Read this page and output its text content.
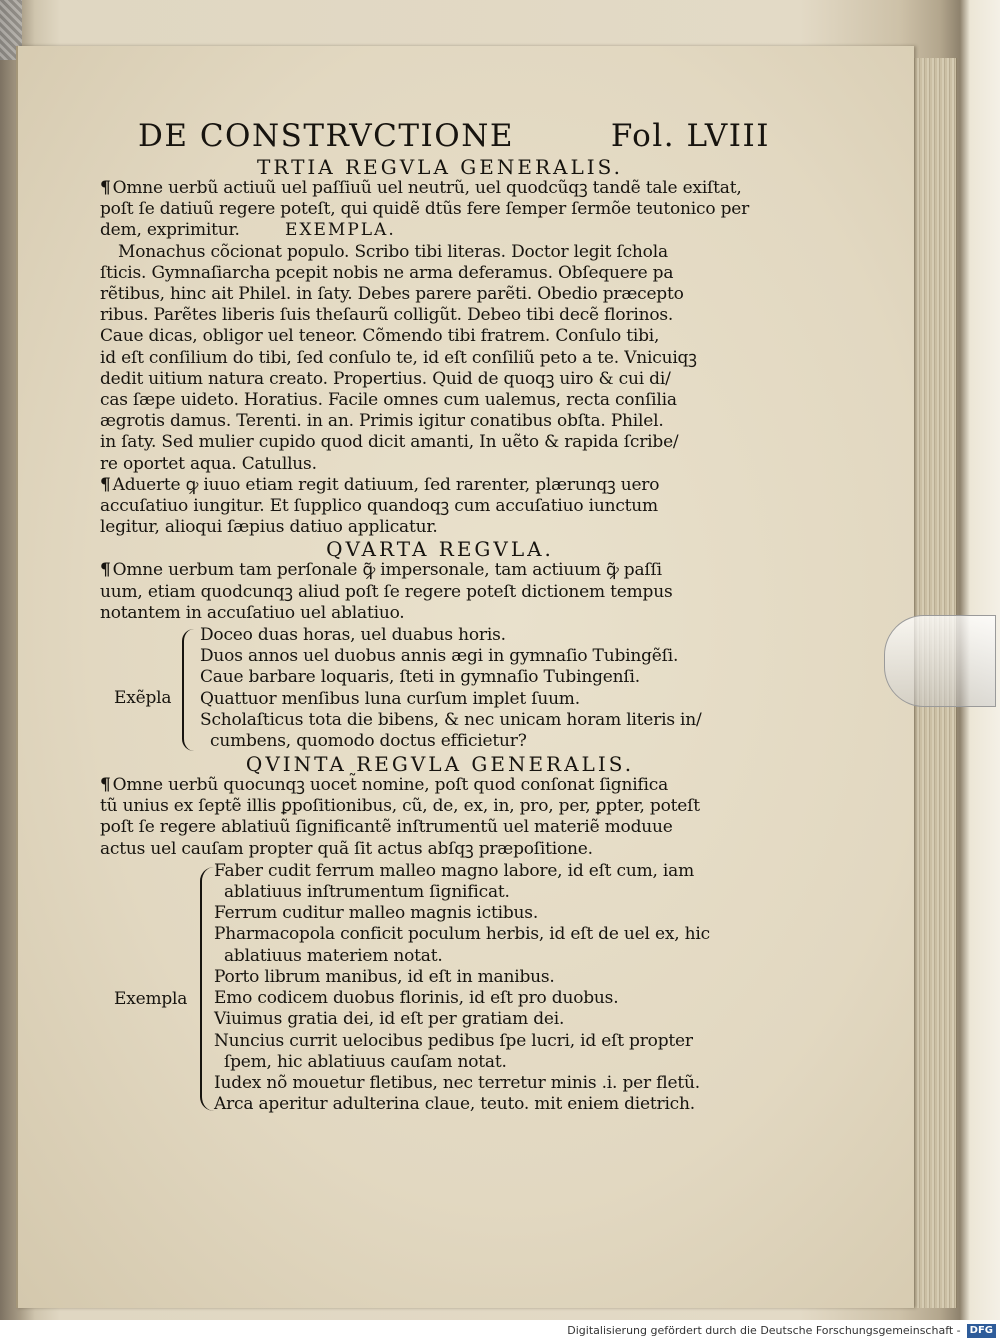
DE CONSTRVCTIONE	Fol. LVIII
TRTIA REGVLA GENERALIS.

¶ Omne uerbũ actiuũ uel paſſiuũ uel neutrũ, uel quodcũqꝫ tandẽ tale exiſtat, poſt ſe datiuũ regere poteſt, qui quidẽ dtũs fere ſemper ſermõe teutonico per dem, exprimitur.	EXEMPLA.

Monachus cõcionat populo. Scribo tibi literas. Doctor legit ſchola

ſticis. Gymnaſiarcha pcepit nobis ne arma deferamus. Obſequere pa

rẽtibus, hinc ait Philel. in ſaty. Debes parere parẽti. Obedio præcepto

ribus. Parẽtes liberis ſuis theſaurũ colligũt. Debeo tibi decẽ florinos.

Caue dicas, obligor uel teneor. Cõmendo tibi fratrem. Conſulo tibi,

id eſt conſilium do tibi, ſed conſulo te, id eſt conſiliũ peto a te. Vnicuiqꝫ

dedit uitium natura creato. Propertius. Quid de quoqꝫ uiro & cui di/

cas ſæpe uideto. Horatius. Facile omnes cum ualemus, recta conſilia

ægrotis damus. Terenti. in an. Primis igitur conatibus obſta. Philel.

in ſaty. Sed mulier cupido quod dicit amanti, In uẽto & rapida ſcribe/

re oportet aqua. Catullus.

¶ Aduerte ꝙ iuuo etiam regit datiuum, ſed rarenter, plærunqꝫ uero

accuſatiuo iungitur. Et ſupplico quandoqꝫ cum accuſatiuo iunctum

legitur, alioqui ſæpius datiuo applicatur.

QVARTA REGVLA.

¶ Omne uerbum tam perſonale ꝙ̃ impersonale, tam actiuum ꝙ̃ paſſi

uum, etiam quodcunqꝫ aliud poſt ſe regere poteſt dictionem tempus

notantem in accuſatiuo uel ablatiuo.

Exẽpla

Doceo duas horas, uel duabus horis.

Duos annos uel duobus annis ægi in gymnaſio Tubingẽſi.

Caue barbare loquaris, ſteti in gymnaſio Tubingenſi.

Quattuor menſibus luna curſum implet ſuum.

Scholaſticus tota die bibens, & nec unicam horam literis in/

cumbens, quomodo doctus efficietur?

QVINTA REGVLA GENERALIS.

¶ Omne uerbũ quocunqꝫ uocet̃ nomine, poſt quod conſonat ſignifica

tũ unius ex ſeptẽ illis ꝑpoſitionibus, cũ, de, ex, in, pro, per, ꝑpter, poteſt

poſt ſe regere ablatiuũ ſignificantẽ inſtrumentũ uel materiẽ moduue

actus uel cauſam propter quã ſit actus abſqꝫ præpoſitione.

Exempla

Faber cudit ferrum malleo magno labore, id eſt cum, iam

ablatiuus inſtrumentum ſignificat.

Ferrum cuditur malleo magnis ictibus.

Pharmacopola conficit poculum herbis, id eſt de uel ex, hic

ablatiuus materiem notat.

Porto librum manibus, id eſt in manibus.

Emo codicem duobus florinis, id eſt pro duobus.

Viuimus gratia dei, id eſt per gratiam dei.

Nuncius currit uelocibus pedibus ſpe lucri, id eſt propter

ſpem, hic ablatiuus cauſam notat.

Iudex nõ mouetur fletibus, nec terretur minis .i. per fletũ.

Arca aperitur adulterina claue, teuto. mit eniem dietrich.

Digitalisierung gefördert durch die Deutsche Forschungsgemeinschaft - DFG
